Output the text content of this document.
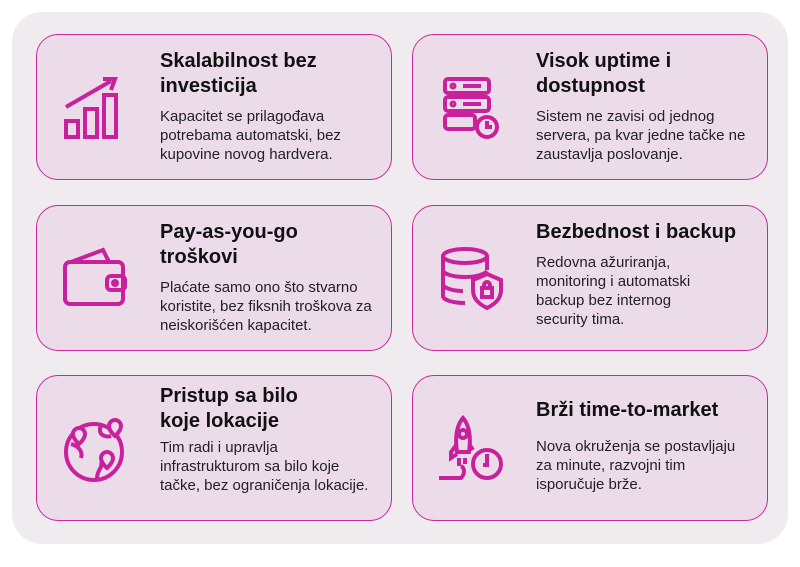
Skalabilnost bez investicija
Kapacitet se prilagođava potrebama automatski, bez kupovine novog hardvera.
Visok uptime i dostupnost
Sistem ne zavisi od jednog servera, pa kvar jedne tačke ne zaustavlja poslovanje.
Pay-as-you-go troškovi
Plaćate samo ono što stvarno koristite, bez fiksnih troškova za neiskorišćen kapacitet.
Bezbednost i backup
Redovna ažuriranja, monitoring i automatski backup bez internog security tima.
Pristup sa bilo koje lokacije
Tim radi i upravlja infrastrukturom sa bilo koje tačke, bez ograničenja lokacije.
Brži time-to-market
Nova okruženja se postavljaju za minute, razvojni tim isporučuje brže.
